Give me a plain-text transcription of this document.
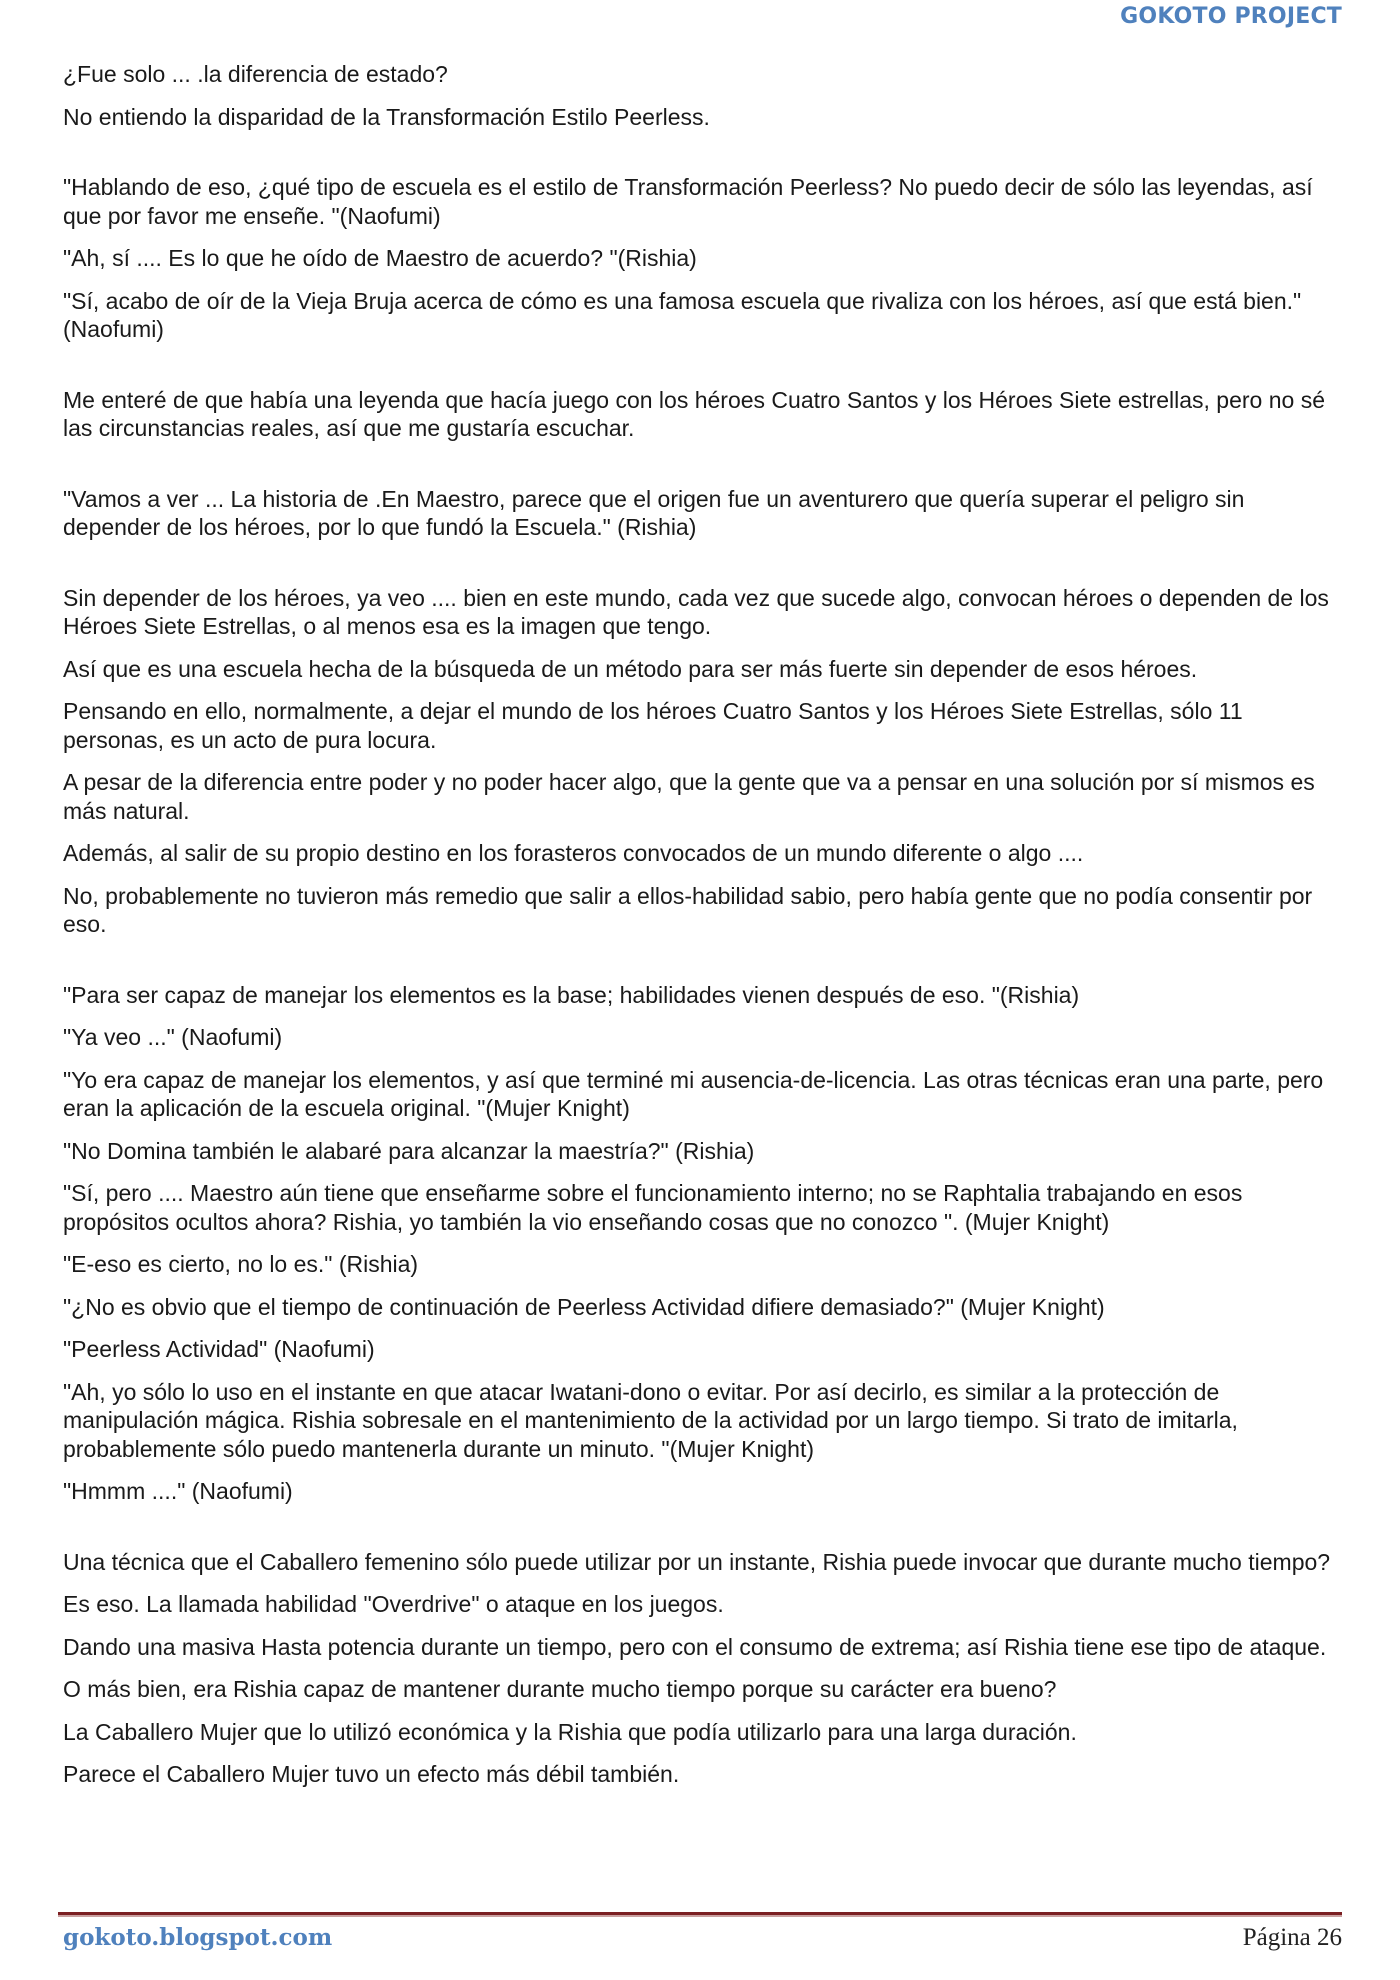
GOKOTO PROJECT

¿Fue solo ... .la diferencia de estado?

No entiendo la disparidad de la Transformación Estilo Peerless.

"Hablando de eso, ¿qué tipo de escuela es el estilo de Transformación Peerless? No puedo decir de sólo las leyendas, así que por favor me enseñe. "(Naofumi)

"Ah, sí .... Es lo que he oído de Maestro de acuerdo? "(Rishia)

"Sí, acabo de oír de la Vieja Bruja acerca de cómo es una famosa escuela que rivaliza con los héroes, así que está bien." (Naofumi)

Me enteré de que había una leyenda que hacía juego con los héroes Cuatro Santos y los Héroes Siete estrellas, pero no sé las circunstancias reales, así que me gustaría escuchar.

"Vamos a ver ... La historia de .En Maestro, parece que el origen fue un aventurero que quería superar el peligro sin depender de los héroes, por lo que fundó la Escuela." (Rishia)

Sin depender de los héroes, ya veo .... bien en este mundo, cada vez que sucede algo, convocan héroes o dependen de los Héroes Siete Estrellas, o al menos esa es la imagen que tengo.

Así que es una escuela hecha de la búsqueda de un método para ser más fuerte sin depender de esos héroes.

Pensando en ello, normalmente, a dejar el mundo de los héroes Cuatro Santos y los Héroes Siete Estrellas, sólo 11 personas, es un acto de pura locura.

A pesar de la diferencia entre poder y no poder hacer algo, que la gente que va a pensar en una solución por sí mismos es más natural.

Además, al salir de su propio destino en los forasteros convocados de un mundo diferente o algo ....

No, probablemente no tuvieron más remedio que salir a ellos-habilidad sabio, pero había gente que no podía consentir por eso.

"Para ser capaz de manejar los elementos es la base; habilidades vienen después de eso. "(Rishia)

"Ya veo ..." (Naofumi)

"Yo era capaz de manejar los elementos, y así que terminé mi ausencia-de-licencia. Las otras técnicas eran una parte, pero eran la aplicación de la escuela original. "(Mujer Knight)

"No Domina también le alabaré para alcanzar la maestría?" (Rishia)

"Sí, pero .... Maestro aún tiene que enseñarme sobre el funcionamiento interno; no se Raphtalia trabajando en esos propósitos ocultos ahora? Rishia, yo también la vio enseñando cosas que no conozco ". (Mujer Knight)

"E-eso es cierto, no lo es." (Rishia)

"¿No es obvio que el tiempo de continuación de Peerless Actividad difiere demasiado?" (Mujer Knight)

"Peerless Actividad" (Naofumi)

"Ah, yo sólo lo uso en el instante en que atacar Iwatani-dono o evitar. Por así decirlo, es similar a la protección de manipulación mágica. Rishia sobresale en el mantenimiento de la actividad por un largo tiempo. Si trato de imitarla, probablemente sólo puedo mantenerla durante un minuto. "(Mujer Knight)

"Hmmm ...." (Naofumi)

Una técnica que el Caballero femenino sólo puede utilizar por un instante, Rishia puede invocar que durante mucho tiempo?

Es eso. La llamada habilidad "Overdrive" o ataque en los juegos.

Dando una masiva Hasta potencia durante un tiempo, pero con el consumo de extrema; así Rishia tiene ese tipo de ataque.

O más bien, era Rishia capaz de mantener durante mucho tiempo porque su carácter era bueno?

La Caballero Mujer que lo utilizó económica y la Rishia que podía utilizarlo para una larga duración.

Parece el Caballero Mujer tuvo un efecto más débil también.

gokoto.blogspot.com	Página 26
